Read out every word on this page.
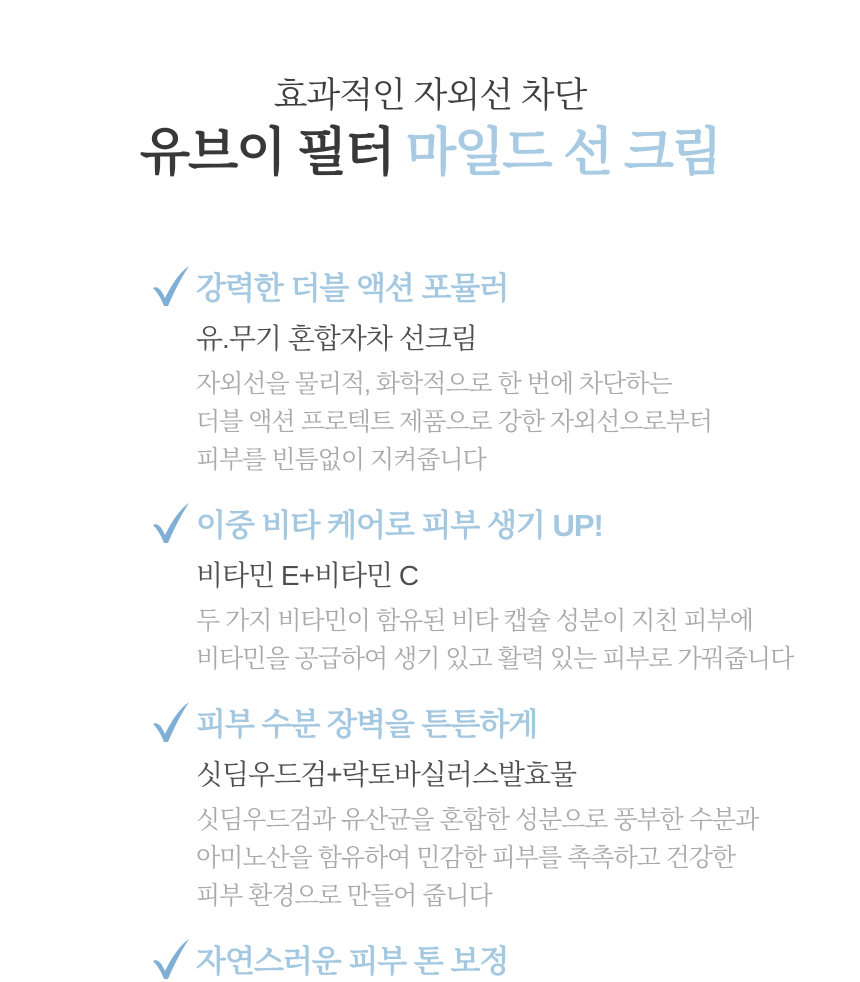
효과적인 자외선 차단
유브이 필터 마일드 선 크림
강력한 더블 액션 포뮬러
유.무기 혼합자차 선크림
자외선을 물리적, 화학적으로 한 번에 차단하는
더블 액션 프로텍트 제품으로 강한 자외선으로부터
피부를 빈틈없이 지켜줍니다
이중 비타 케어로 피부 생기 UP!
비타민 E+비타민 C
두 가지 비타민이 함유된 비타 캡슐 성분이 지친 피부에
비타민을 공급하여 생기 있고 활력 있는 피부로 가꿔줍니다
피부 수분 장벽을 튼튼하게
싯딤우드검+락토바실러스발효물
싯딤우드검과 유산균을 혼합한 성분으로 풍부한 수분과
아미노산을 함유하여 민감한 피부를 촉촉하고 건강한
피부 환경으로 만들어 줍니다
자연스러운 피부 톤 보정
